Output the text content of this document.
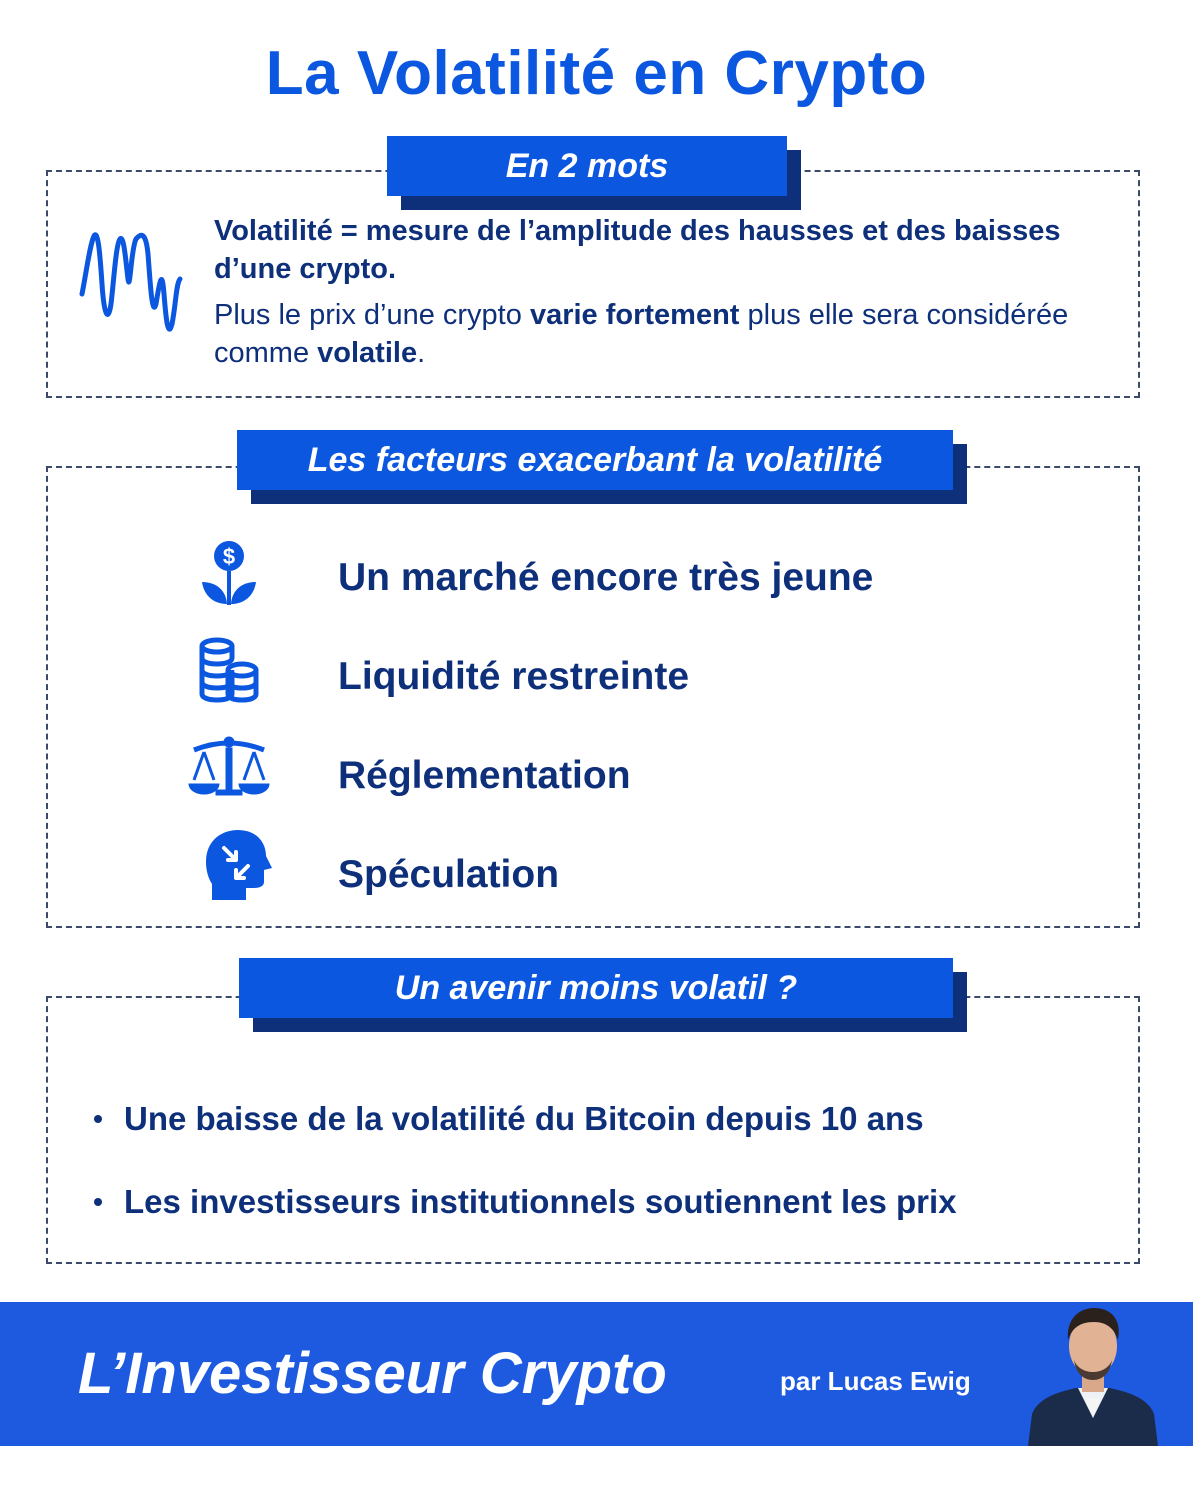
La Volatilité en Crypto
En 2 mots
Volatilité = mesure de l’amplitude des hausses et des baisses d’une crypto.
Plus le prix d’une crypto varie fortement plus elle sera considérée comme volatile.
Les facteurs exacerbant la volatilité
$	Un marché encore très jeune
Liquidité restreinte
Réglementation
Spéculation
Un avenir moins volatil ?
Une baisse de la volatilité du Bitcoin depuis 10 ans
Les investisseurs institutionnels soutiennent les prix
L’Investisseur Crypto	par Lucas Ewig
